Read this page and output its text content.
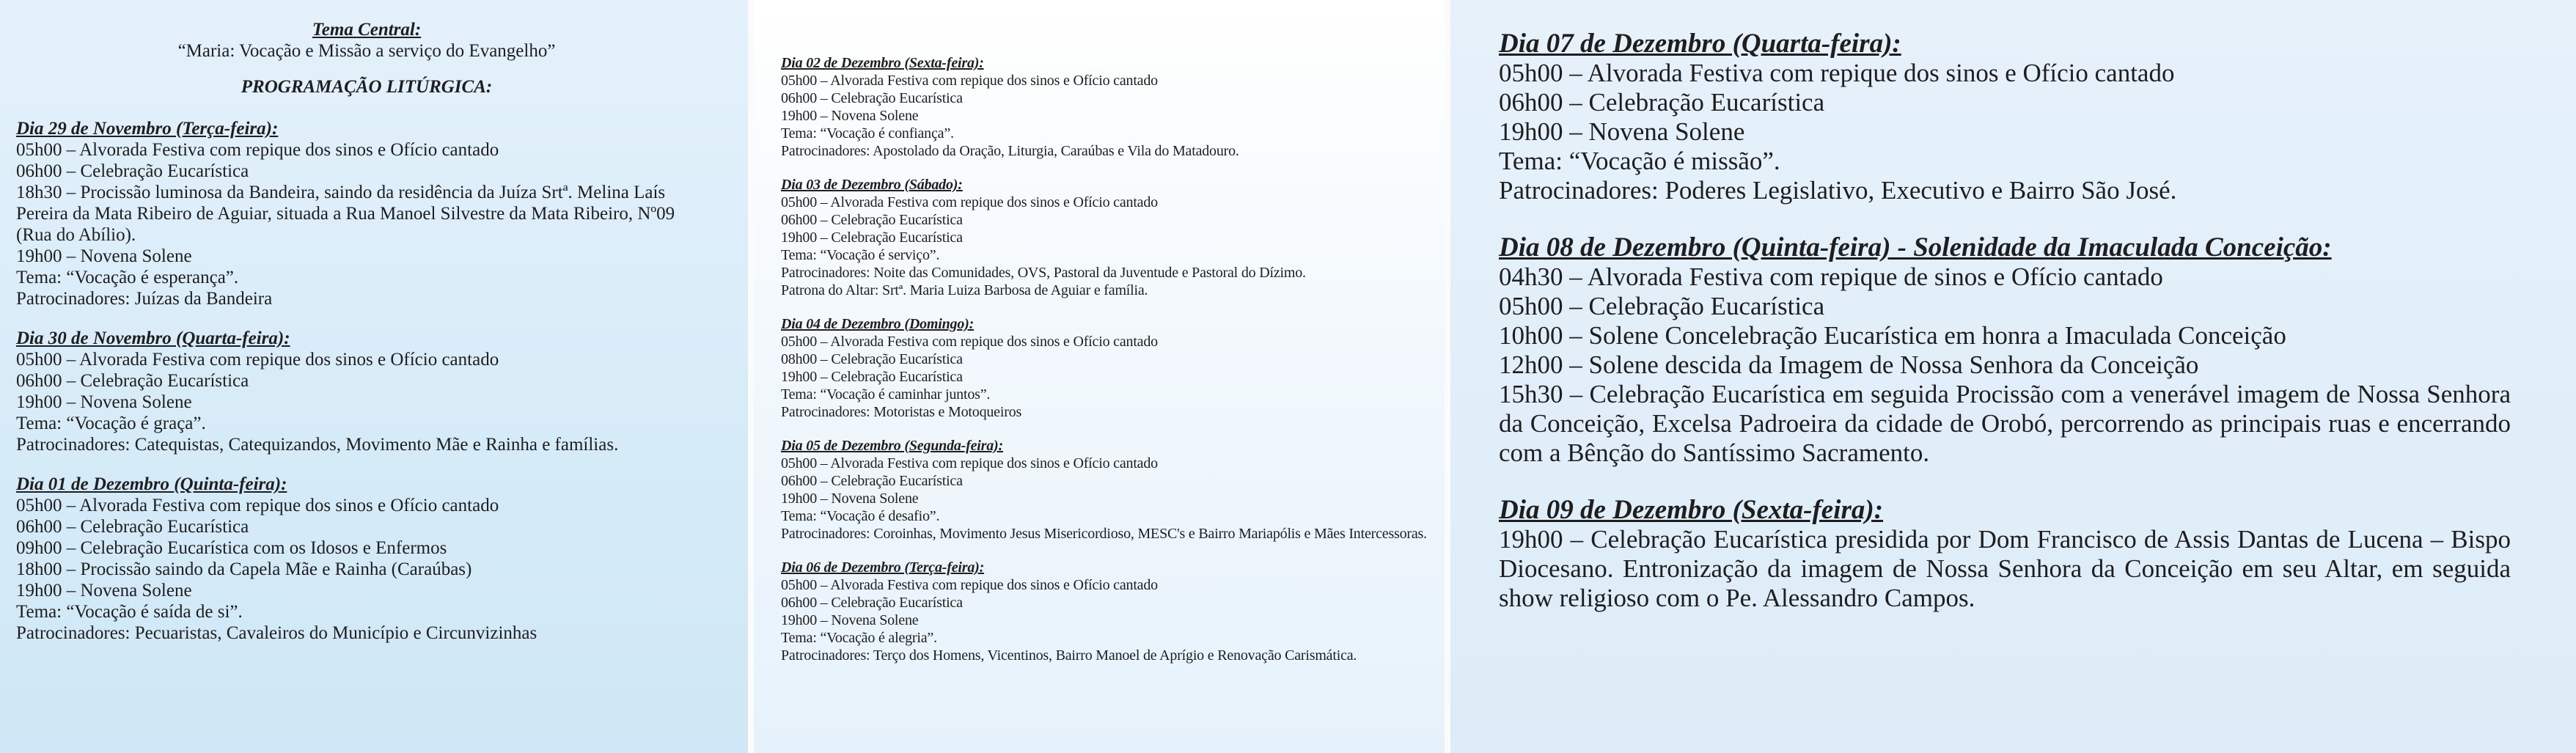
Tema Central:
“Maria: Vocação e Missão a serviço do Evangelho”
PROGRAMAÇÃO LITÚRGICA:
Dia 29 de Novembro (Terça-feira):
05h00 – Alvorada Festiva com repique dos sinos e Ofício cantado
06h00 – Celebração Eucarística
18h30 – Procissão luminosa da Bandeira, saindo da residência da Juíza Srtª. Melina Laís
Pereira da Mata Ribeiro de Aguiar, situada a Rua Manoel Silvestre da Mata Ribeiro, Nº09
(Rua do Abílio).
19h00 – Novena Solene
Tema: “Vocação é esperança”.
Patrocinadores: Juízas da Bandeira
Dia 30 de Novembro (Quarta-feira):
05h00 – Alvorada Festiva com repique dos sinos e Ofício cantado
06h00 – Celebração Eucarística
19h00 – Novena Solene
Tema: “Vocação é graça”.
Patrocinadores: Catequistas, Catequizandos, Movimento Mãe e Rainha e famílias.
Dia 01 de Dezembro (Quinta-feira):
05h00 – Alvorada Festiva com repique dos sinos e Ofício cantado
06h00 – Celebração Eucarística
09h00 – Celebração Eucarística com os Idosos e Enfermos
18h00 – Procissão saindo da Capela Mãe e Rainha (Caraúbas)
19h00 – Novena Solene
Tema: “Vocação é saída de si”.
Patrocinadores: Pecuaristas, Cavaleiros do Município e Circunvizinhas
Dia 02 de Dezembro (Sexta-feira):
05h00 – Alvorada Festiva com repique dos sinos e Ofício cantado
06h00 – Celebração Eucarística
19h00 – Novena Solene
Tema: “Vocação é confiança”.
Patrocinadores: Apostolado da Oração, Liturgia, Caraúbas e Vila do Matadouro.
Dia 03 de Dezembro (Sábado):
05h00 – Alvorada Festiva com repique dos sinos e Ofício cantado
06h00 – Celebração Eucarística
19h00 – Celebração Eucarística
Tema: “Vocação é serviço”.
Patrocinadores: Noite das Comunidades, OVS, Pastoral da Juventude e Pastoral do Dízimo.
Patrona do Altar: Srtª. Maria Luiza Barbosa de Aguiar e família.
Dia 04 de Dezembro (Domingo):
05h00 – Alvorada Festiva com repique dos sinos e Ofício cantado
08h00 – Celebração Eucarística
19h00 – Celebração Eucarística
Tema: “Vocação é caminhar juntos”.
Patrocinadores: Motoristas e Motoqueiros
Dia 05 de Dezembro (Segunda-feira):
05h00 – Alvorada Festiva com repique dos sinos e Ofício cantado
06h00 – Celebração Eucarística
19h00 – Novena Solene
Tema: “Vocação é desafio”.
Patrocinadores: Coroinhas, Movimento Jesus Misericordioso, MESC's e Bairro Mariapólis e Mães Intercessoras.
Dia 06 de Dezembro (Terça-feira):
05h00 – Alvorada Festiva com repique dos sinos e Ofício cantado
06h00 – Celebração Eucarística
19h00 – Novena Solene
Tema: “Vocação é alegria”.
Patrocinadores: Terço dos Homens, Vicentinos, Bairro Manoel de Aprígio e Renovação Carismática.
Dia 07 de Dezembro (Quarta-feira):
05h00 – Alvorada Festiva com repique dos sinos e Ofício cantado
06h00 – Celebração Eucarística
19h00 – Novena Solene
Tema: “Vocação é missão”.
Patrocinadores: Poderes Legislativo, Executivo e Bairro São José.
Dia 08 de Dezembro (Quinta-feira) - Solenidade da Imaculada Conceição:
04h30 – Alvorada Festiva com repique de sinos e Ofício cantado
05h00 – Celebração Eucarística
10h00 – Solene Concelebração Eucarística em honra a Imaculada Conceição
12h00 – Solene descida da Imagem de Nossa Senhora da Conceição
15h30 – Celebração Eucarística em seguida Procissão com a venerável imagem de Nossa Senhora da Conceição, Excelsa Padroeira da cidade de Orobó, percorrendo as principais ruas e encerrando com a Bênção do Santíssimo Sacramento.
Dia 09 de Dezembro (Sexta-feira):
19h00 – Celebração Eucarística presidida por Dom Francisco de Assis Dantas de Lucena – Bispo Diocesano. Entronização da imagem de Nossa Senhora da Conceição em seu Altar, em seguida show religioso com o Pe. Alessandro Campos.
